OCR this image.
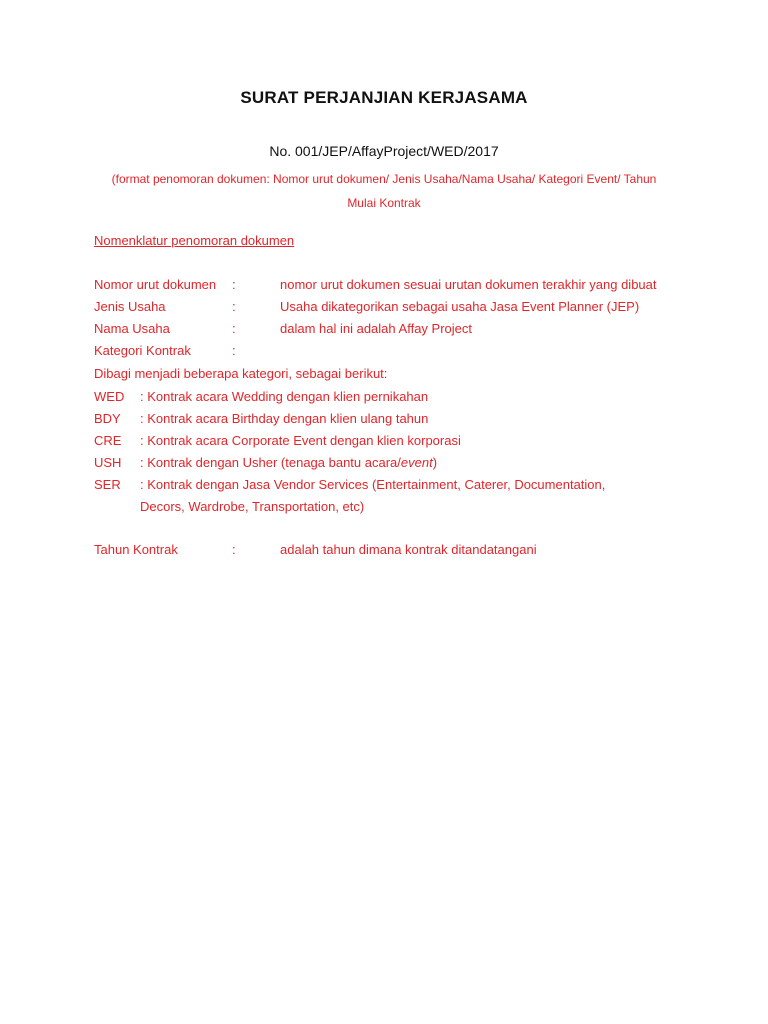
SURAT PERJANJIAN KERJASAMA
No. 001/JEP/AffayProject/WED/2017
(format penomoran dokumen: Nomor urut dokumen/ Jenis Usaha/Nama Usaha/ Kategori Event/ Tahun Mulai Kontrak
Nomenklatur penomoran dokumen
Nomor urut dokumen :	nomor urut dokumen sesuai urutan dokumen terakhir yang dibuat
Jenis Usaha	:	Usaha dikategorikan sebagai usaha Jasa Event Planner (JEP)
Nama Usaha	:	dalam hal ini adalah Affay Project
Kategori Kontrak	:
Dibagi menjadi beberapa kategori, sebagai berikut:
WED : Kontrak acara Wedding dengan klien pernikahan
BDY : Kontrak acara Birthday dengan klien ulang tahun
CRE : Kontrak acara Corporate Event dengan klien korporasi
USH : Kontrak dengan Usher (tenaga bantu acara/event)
SER : Kontrak dengan Jasa Vendor Services (Entertainment, Caterer, Documentation, Decors, Wardrobe, Transportation, etc)
Tahun Kontrak	:	adalah tahun dimana kontrak ditandatangani
